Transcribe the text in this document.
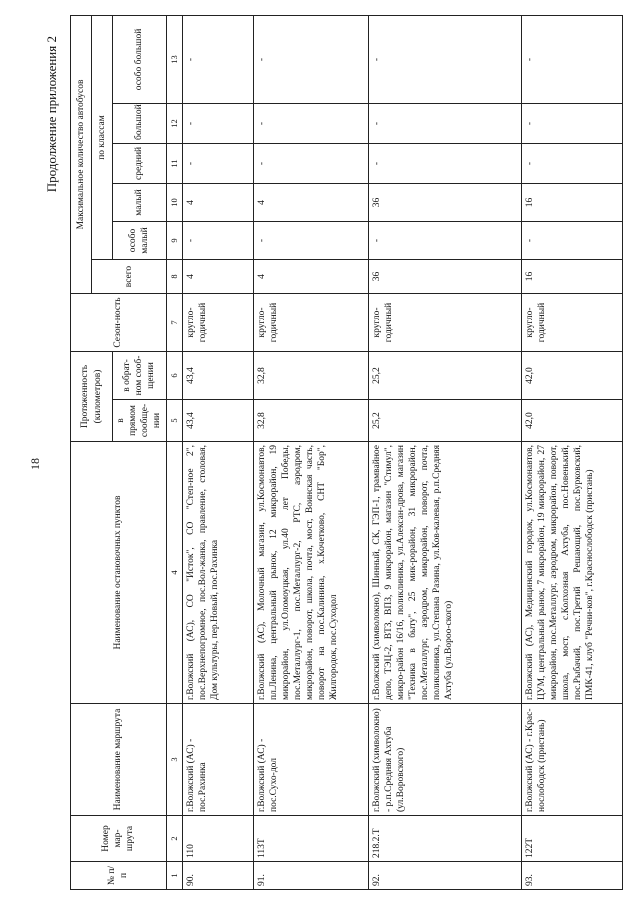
18
Продолжение приложения 2
№ п/п	Номер мар-шрута	Наименование маршрута	Наименование остановочных пунктов	Протяженность (километров)		Сезон-ность	Максимальное количество автобусов					
							всего	по классам				
				в прямом сообще-нии	в обрат-ном сооб-щении			особо малый	малый	средний	большой	особо большой

1	2	3	4	5	6	7	8	9	10	11	12	13
90.	110	г.Волжский (АС) - пос.Рахинка	г.Волжский (АС), СО "Исток", СО "Степ-ное 2", пос.Верхнепогромное, пос.Вол-жанка, правление, столовая, Дом культуры, пер.Новый, пос.Рахинка	43,4	43,4	кругло-годичный	4	-	4	-	-	-
91.	113Т	г.Волжский (АС) - пос.Сухо-дол	г.Волжский (АС), Молочный магазин, ул.Космонавтов, пл.Ленина, центральный рынок, 12 микрорайон, 19 микрорайон, ул.Оломоуцкая, ул.40 лет Победы, пос.Металлург-1, пос.Металлург-2, РТС, аэродром, микрорайон, поворот, школа, почта, мост, Воинская часть, поворот на пос.Калинина, х.Кочетково, СНТ "Бор", Жилгородок, пос.Суходол	32,8	32,8	кругло-годичный	4	-	4	-	-	-
92.	218.2.Т	г.Волжский (химволокно) - р.п.Средняя Ахтуба (ул.Воровского)	г.Волжский (химволокно), Шинный, СК, ГЭП-1, трамвайное депо, ТЭЦ-2, ВТЗ, ВПЗ, 9 микрорайон, магазин "Стимул", микро-район 16/16, поликлиника, ул.Алексан-дрова, магазин "Техника в быту", 25 мик-рорайон, 31 микрорайон, пос.Металлург, аэродром, микрорайон, поворот, почта, поликлиника, ул.Степана Разина, ул.Ков-калевая, р.п.Средняя Ахтуба (ул.Вороо-ского)	25,2	25,2	кругло-годичный	36	-	36	-	-	-
93.	122Т	г.Волжский (АС) - г.Крас-нослободск (пристань)	г.Волжский (АС), Медицинский городок, ул.Космонавтов, ЦУМ, центральный рынок, 7 микрорайон, 19 микрорайон, 27 микрорайон, пос.Металлург, аэродром, микрорайон, поворот, школа, мост, с.Колхозная Ахтуба, пос.Новенький, пос.Рыбачий, пос.Третий Решающий, пос.Бурковский, ПМК-41, клуб "Речни-ков", г.Краснослободск (пристань)	42,0	42,0	кругло-годичный	16	-	16	-	-	-
